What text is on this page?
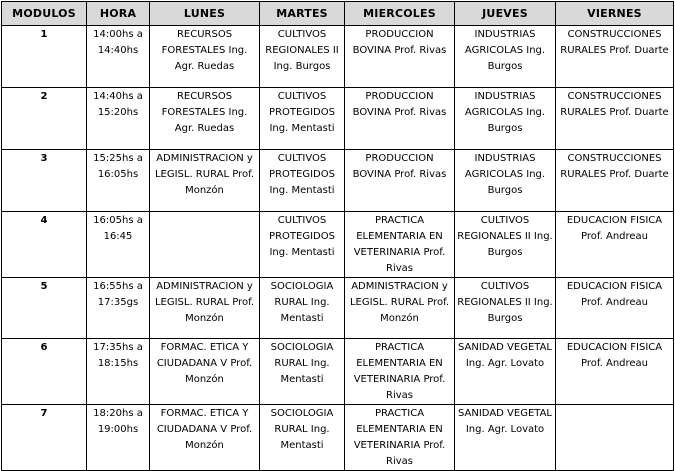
MODULOS	HORA	LUNES	MARTES	MIERCOLES	JUEVES	VIERNES
1	14:00hs a 14:40hs	RECURSOS FORESTALES Ing. Agr. Ruedas	CULTIVOS REGIONALES II Ing. Burgos	PRODUCCION BOVINA Prof. Rivas	INDUSTRIAS AGRICOLAS Ing. Burgos	CONSTRUCCIONES RURALES Prof. Duarte
2	14:40hs a 15:20hs	RECURSOS FORESTALES Ing. Agr. Ruedas	CULTIVOS PROTEGIDOS Ing. Mentasti	PRODUCCION BOVINA Prof. Rivas	INDUSTRIAS AGRICOLAS Ing. Burgos	CONSTRUCCIONES RURALES Prof. Duarte
3	15:25hs a 16:05hs	ADMINISTRACION y LEGISL. RURAL Prof. Monzón	CULTIVOS PROTEGIDOS Ing. Mentasti	PRODUCCION BOVINA Prof. Rivas	INDUSTRIAS AGRICOLAS Ing. Burgos	CONSTRUCCIONES RURALES Prof. Duarte
4	16:05hs a 16:45		CULTIVOS PROTEGIDOS Ing. Mentasti	PRACTICA ELEMENTARIA EN VETERINARIA Prof. Rivas	CULTIVOS REGIONALES II Ing. Burgos	EDUCACION FISICA Prof. Andreau
5	16:55hs a 17:35gs	ADMINISTRACION y LEGISL. RURAL Prof. Monzón	SOCIOLOGIA RURAL Ing. Mentasti	ADMINISTRACION y LEGISL. RURAL Prof. Monzón	CULTIVOS REGIONALES II Ing. Burgos	EDUCACION FISICA Prof. Andreau
6	17:35hs a 18:15hs	FORMAC. ETICA Y CIUDADANA V Prof. Monzón	SOCIOLOGIA RURAL Ing. Mentasti	PRACTICA ELEMENTARIA EN VETERINARIA Prof. Rivas	SANIDAD VEGETAL Ing. Agr. Lovato	EDUCACION FISICA Prof. Andreau
7	18:20hs a 19:00hs	FORMAC. ETICA Y CIUDADANA V Prof. Monzón	SOCIOLOGIA RURAL Ing. Mentasti	PRACTICA ELEMENTARIA EN VETERINARIA Prof. Rivas	SANIDAD VEGETAL Ing. Agr. Lovato	
